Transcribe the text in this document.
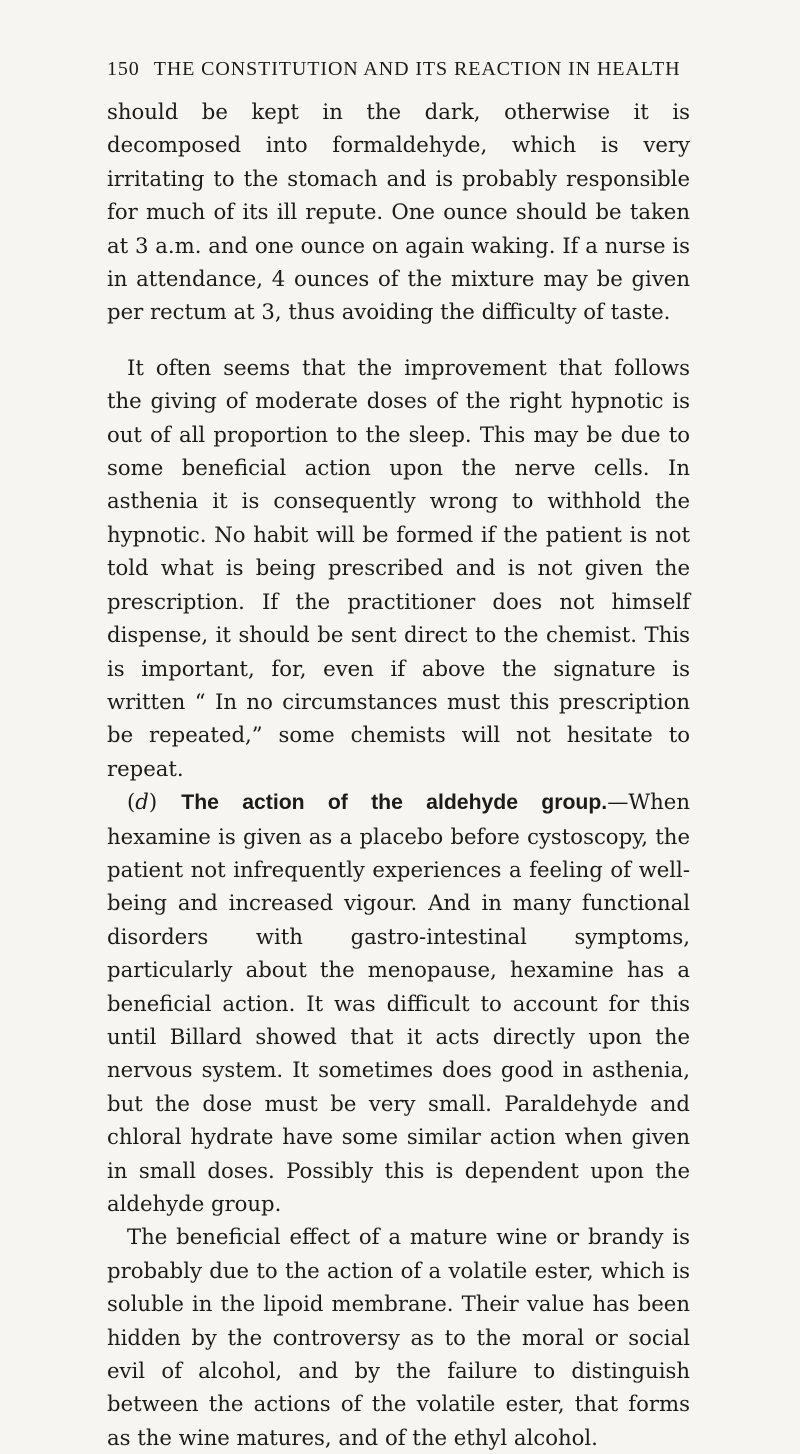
150 THE CONSTITUTION AND ITS REACTION IN HEALTH

should be kept in the dark, otherwise it is decomposed into formaldehyde, which is very irritating to the stomach and is probably responsible for much of its ill repute. One ounce should be taken at 3 a.m. and one ounce on again waking. If a nurse is in attendance, 4 ounces of the mixture may be given per rectum at 3, thus avoiding the difficulty of taste.

It often seems that the improvement that follows the giving of moderate doses of the right hypnotic is out of all proportion to the sleep. This may be due to some beneficial action upon the nerve cells. In asthenia it is consequently wrong to withhold the hypnotic. No habit will be formed if the patient is not told what is being prescribed and is not given the prescription. If the practitioner does not himself dispense, it should be sent direct to the chemist. This is important, for, even if above the signature is written “ In no circumstances must this prescription be repeated,” some chemists will not hesitate to repeat.

(d) The action of the aldehyde group.—When hexamine is given as a placebo before cystoscopy, the patient not infrequently experiences a feeling of well-being and increased vigour. And in many functional disorders with gastro-intestinal symptoms, particularly about the menopause, hexamine has a beneficial action. It was difficult to account for this until Billard showed that it acts directly upon the nervous system. It sometimes does good in asthenia, but the dose must be very small. Paraldehyde and chloral hydrate have some similar action when given in small doses. Possibly this is dependent upon the aldehyde group.

The beneficial effect of a mature wine or brandy is probably due to the action of a volatile ester, which is soluble in the lipoid membrane. Their value has been hidden by the controversy as to the moral or social evil of alcohol, and by the failure to distinguish between the actions of the volatile ester, that forms as the wine matures, and of the ethyl alcohol.
